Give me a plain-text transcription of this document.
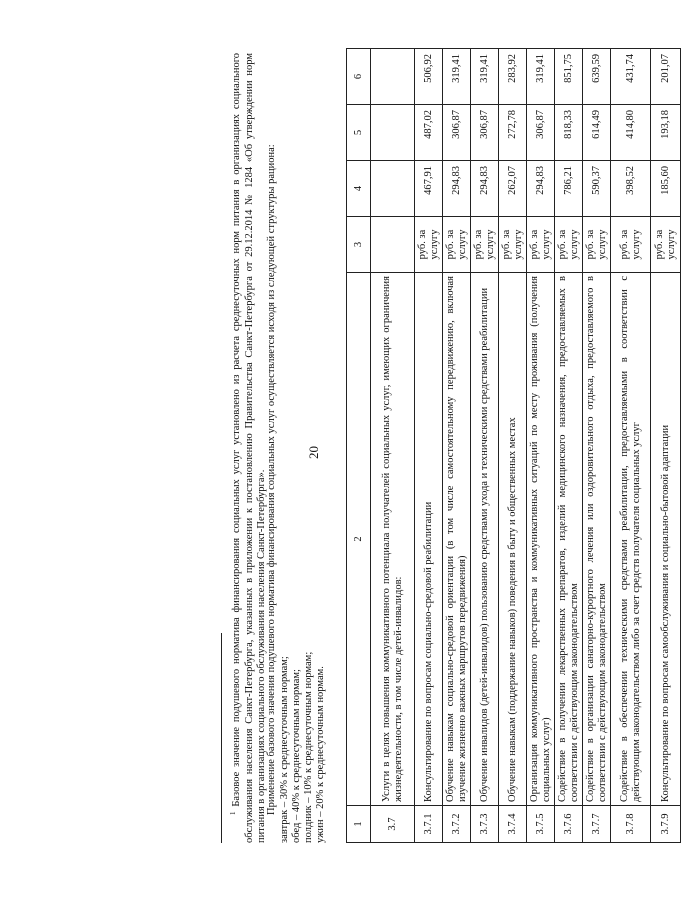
20
1	2	3	4	5	6
3.7	Услуги в целях повышения коммуникативного потенциала получателей социальных услуг, имеющих ограничения жизнедеятельности, в том числе детей-инвалидов:				
3.7.1	Консультирование по вопросам социально-средовой реабилитации	руб. за услугу	467,91	487,02	506,92
3.7.2	Обучение навыкам социально-средовой ориентации (в том числе самостоятельному передвижению, включая изучение жизненно важных маршрутов передвижения)	руб. за услугу	294,83	306,87	319,41
3.7.3	Обучение инвалидов (детей-инвалидов) пользованию средствами ухода и техническими средствами реабилитации	руб. за услугу	294,83	306,87	319,41
3.7.4	Обучение навыкам (поддержание навыков) поведения в быту и общественных местах	руб. за услугу	262,07	272,78	283,92
3.7.5	Организация коммуникативного пространства и коммуникативных ситуаций по месту проживания (получения социальных услуг)	руб. за услугу	294,83	306,87	319,41
3.7.6	Содействие в получении лекарственных препаратов, изделий медицинского назначения, предоставляемых в соответствии с действующим законодательством	руб. за услугу	786,21	818,33	851,75
3.7.7	Содействие в организации санаторно-курортного лечения или оздоровительного отдыха, предоставляемого в соответствии с действующим законодательством	руб. за услугу	590,37	614,49	639,59
3.7.8	Содействие в обеспечении техническими средствами реабилитации, предоставляемыми в соответствии с действующим законодательством либо за счет средств получателя социальных услуг	руб. за услугу	398,52	414,80	431,74
3.7.9	Консультирование по вопросам самообслуживания и социально-бытовой адаптации	руб. за услугу	185,60	193,18	201,07

$^1$ Базовое значение подушевого норматива финансирования социальных услуг установлено из расчета среднесуточных норм питания в организациях социального обслуживания населения Санкт-Петербурга, указанных в приложении к постановлению Правительства Санкт-Петербурга от 29.12.2014 № 1284 «Об утверждении норм питания в организациях социального обслуживания населения Санкт-Петербурга». Применение базового значения подушевого норматива финансирования социальных услуг осуществляется исходя из следующей структуры рациона: завтрак – 30% к среднесуточным нормам; обед – 40% к среднесуточным нормам; полдник – 10% к среднесуточным нормам; ужин – 20% к среднесуточным нормам.
